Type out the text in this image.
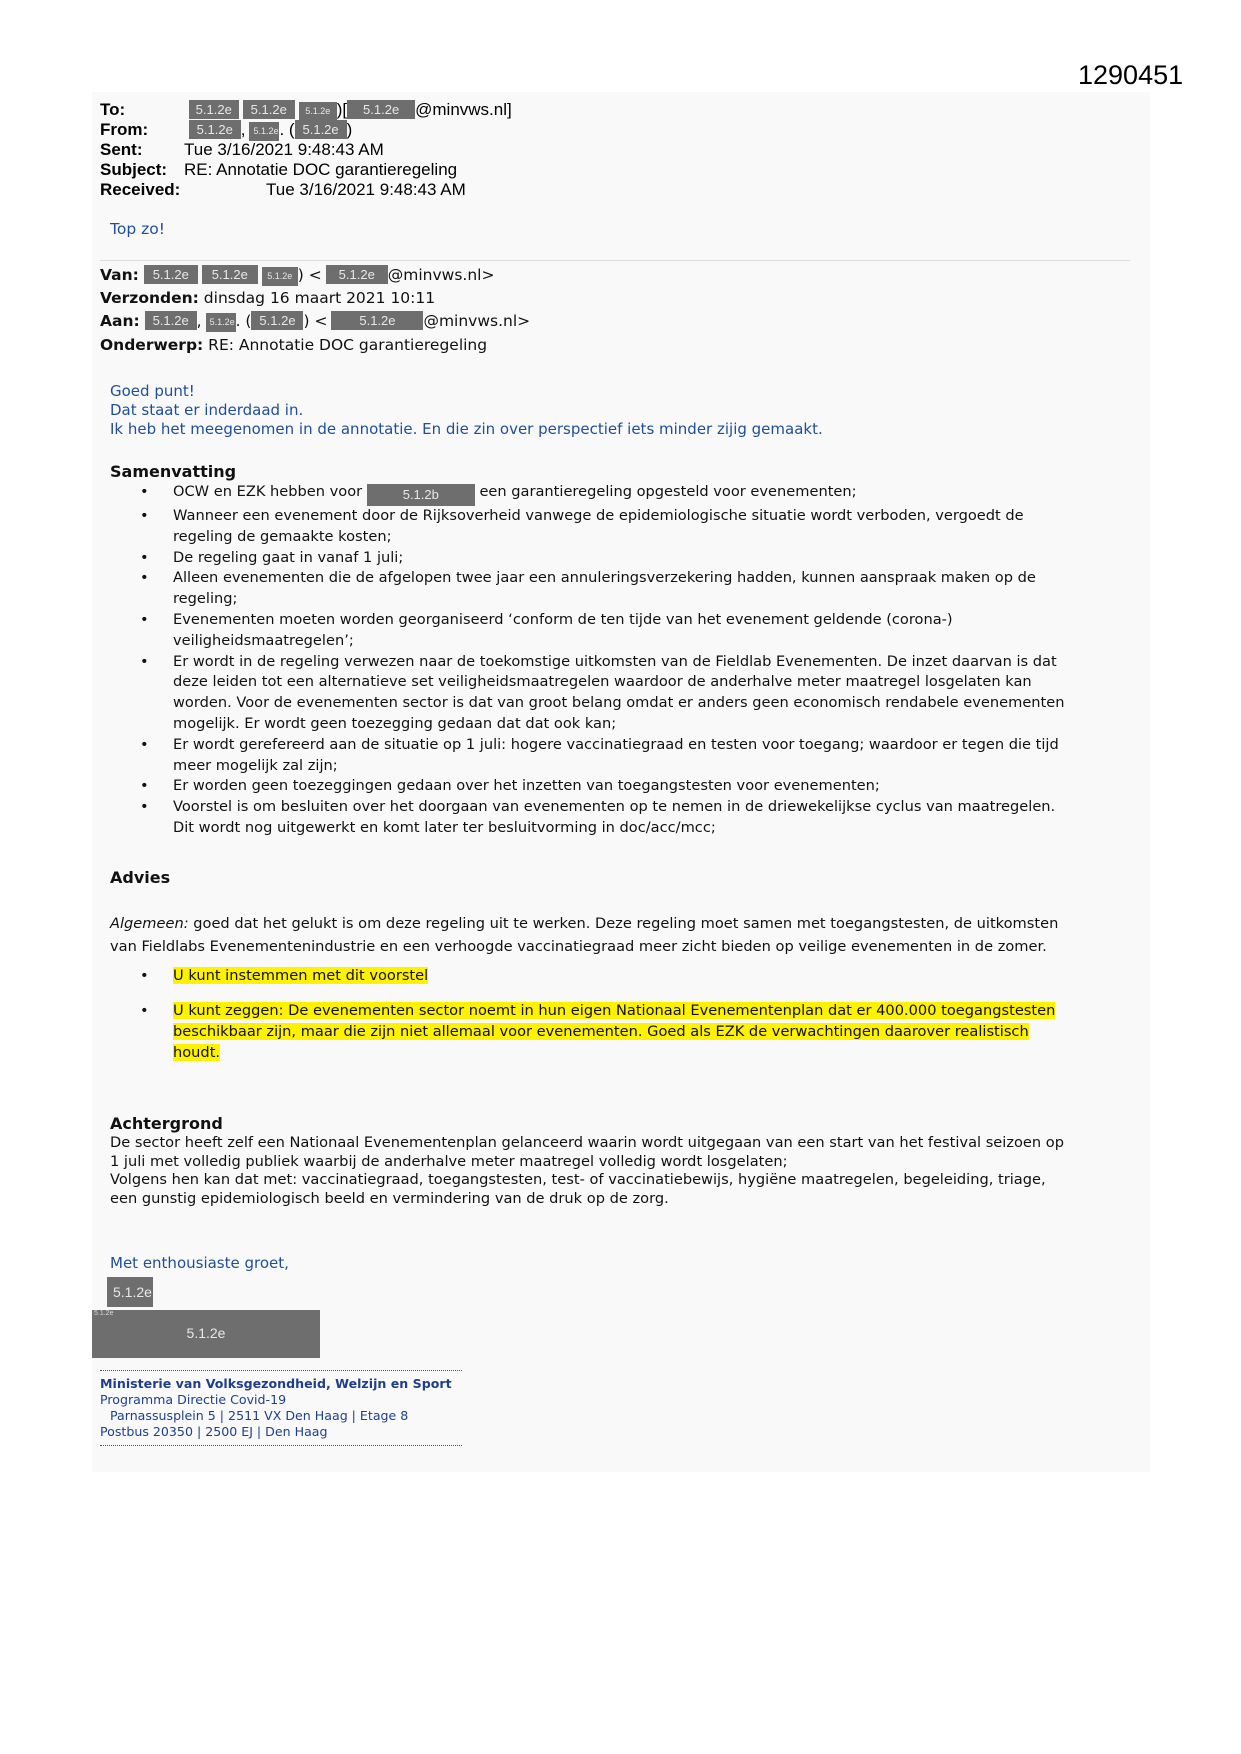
1290451
To:	5.1.2e 5.1.2e 5.1.2e )[ 5.1.2e @minvws.nl]
From:	5.1.2e , 5.1.2e. ( 5.1.2e )
Sent: Tue 3/16/2021 9:48:43 AM
Subject: RE: Annotatie DOC garantieregeling
Received:	Tue 3/16/2021 9:48:43 AM
Top zo!
Van: 5.1.2e 5.1.2e 5.1.2e ) < 5.1.2e @minvws.nl>
Verzonden: dinsdag 16 maart 2021 10:11
Aan: 5.1.2e , 5.1.2e. ( 5.1.2e ) < 5.1.2e @minvws.nl>
Onderwerp: RE: Annotatie DOC garantieregeling
Goed punt!
Dat staat er inderdaad in.
Ik heb het meegenomen in de annotatie. En die zin over perspectief iets minder zijig gemaakt.
Samenvatting
• OCW en EZK hebben voor	5.1.2b	een garantieregeling opgesteld voor evenementen;
• Wanneer een evenement door de Rijksoverheid vanwege de epidemiologische situatie wordt verboden, vergoedt de
regeling de gemaakte kosten;
• De regeling gaat in vanaf 1 juli;
• Alleen evenementen die de afgelopen twee jaar een annuleringsverzekering hadden, kunnen aanspraak maken op de
regeling;
• Evenementen moeten worden georganiseerd ‘conform de ten tijde van het evenement geldende (corona-)
veiligheidsmaatregelen’;
• Er wordt in de regeling verwezen naar de toekomstige uitkomsten van de Fieldlab Evenementen. De inzet daarvan is dat
deze leiden tot een alternatieve set veiligheidsmaatregelen waardoor de anderhalve meter maatregel losgelaten kan
worden. Voor de evenementen sector is dat van groot belang omdat er anders geen economisch rendabele evenementen
mogelijk. Er wordt geen toezegging gedaan dat dat ook kan;
• Er wordt gerefereerd aan de situatie op 1 juli: hogere vaccinatiegraad en testen voor toegang; waardoor er tegen die tijd
meer mogelijk zal zijn;
• Er worden geen toezeggingen gedaan over het inzetten van toegangstesten voor evenementen;
• Voorstel is om besluiten over het doorgaan van evenementen op te nemen in de driewekelijkse cyclus van maatregelen.
Dit wordt nog uitgewerkt en komt later ter besluitvorming in doc/acc/mcc;
Advies
Algemeen: goed dat het gelukt is om deze regeling uit te werken. Deze regeling moet samen met toegangstesten, de uitkomsten
van Fieldlabs Evenementenindustrie en een verhoogde vaccinatiegraad meer zicht bieden op veilige evenementen in de zomer.
• U kunt instemmen met dit voorstel
• U kunt zeggen: De evenementen sector noemt in hun eigen Nationaal Evenementenplan dat er 400.000 toegangstesten
beschikbaar zijn, maar die zijn niet allemaal voor evenementen. Goed als EZK de verwachtingen daarover realistisch
houdt.
Achtergrond
De sector heeft zelf een Nationaal Evenementenplan gelanceerd waarin wordt uitgegaan van een start van het festival seizoen op
1 juli met volledig publiek waarbij de anderhalve meter maatregel volledig wordt losgelaten;
Volgens hen kan dat met: vaccinatiegraad, toegangstesten, test- of vaccinatiebewijs, hygiëne maatregelen, begeleiding, triage,
een gunstig epidemiologisch beeld en vermindering van de druk op de zorg.
Met enthousiaste groet,
5.1.2e
5.1.2e
5.1.2e
Ministerie van Volksgezondheid, Welzijn en Sport
Programma Directie Covid-19
Parnassusplein 5 | 2511 VX Den Haag | Etage 8
Postbus 20350 | 2500 EJ | Den Haag
